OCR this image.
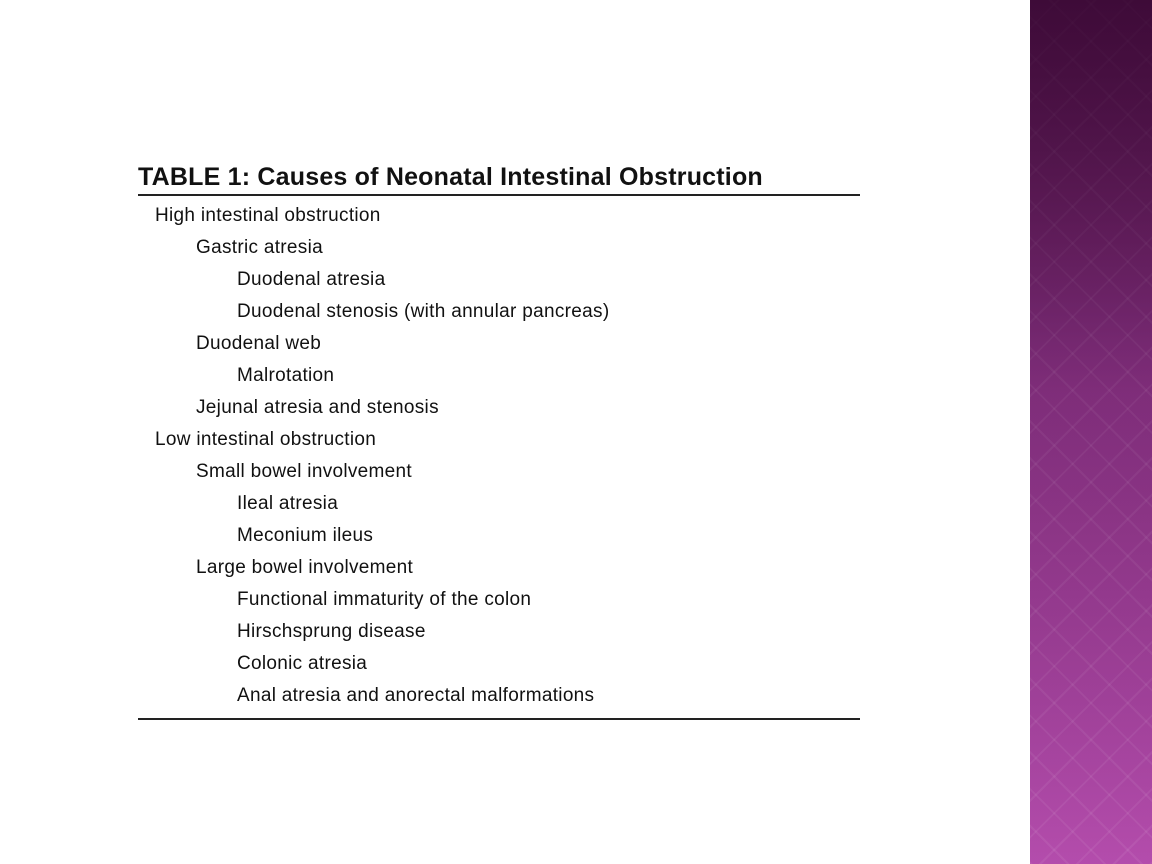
TABLE 1: Causes of Neonatal Intestinal Obstruction
High intestinal obstruction
Gastric atresia
Duodenal atresia
Duodenal stenosis (with annular pancreas)
Duodenal web
Malrotation
Jejunal atresia and stenosis
Low intestinal obstruction
Small bowel involvement
Ileal atresia
Meconium ileus
Large bowel involvement
Functional immaturity of the colon
Hirschsprung disease
Colonic atresia
Anal atresia and anorectal malformations
